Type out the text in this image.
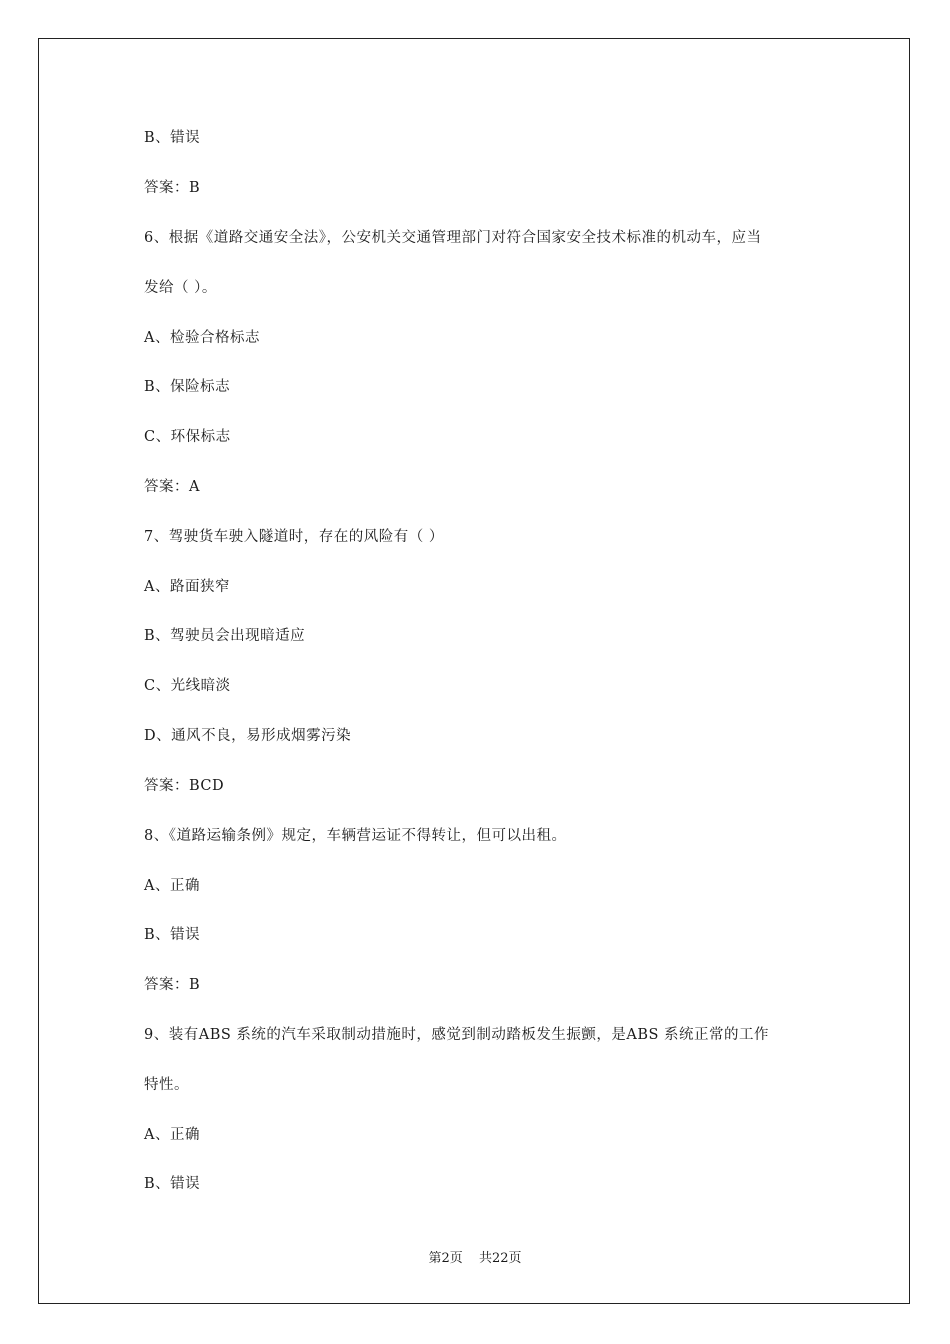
B、错误
答案：B
6、根据《道路交通安全法》，公安机关交通管理部门对符合国家安全技术标准的机动车，应当
发给（ ）。
A、检验合格标志
B、保险标志
C、环保标志
答案：A
7、驾驶货车驶入隧道时，存在的风险有（ ）
A、路面狭窄
B、驾驶员会出现暗适应
C、光线暗淡
D、通风不良，易形成烟雾污染
答案：BCD
8、《道路运输条例》规定，车辆营运证不得转让，但可以出租。
A、正确
B、错误
答案：B
9、装有ABS 系统的汽车采取制动措施时，感觉到制动踏板发生振颤，是ABS 系统正常的工作
特性。
A、正确
B、错误
第2页 共22页
